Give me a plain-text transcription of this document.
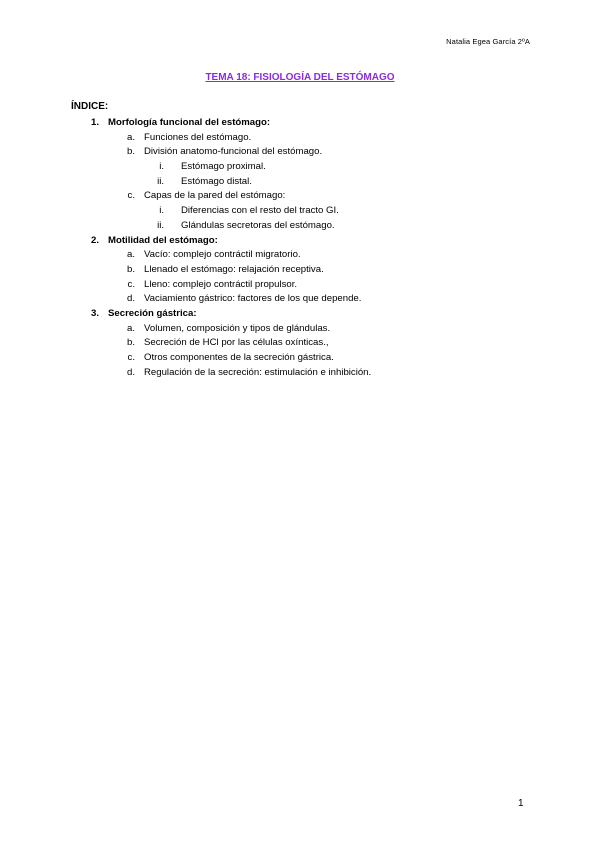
Natalia Egea García 2ºA
TEMA 18: FISIOLOGÍA DEL ESTÓMAGO
ÍNDICE:
1. Morfología funcional del estómago:
a. Funciones del estómago.
b. División anatomo-funcional del estómago.
i. Estómago proximal.
ii. Estómago distal.
c. Capas de la pared del estómago:
i. Diferencias con el resto del tracto GI.
ii. Glándulas secretoras del estómago.
2. Motilidad del estómago:
a. Vacío: complejo contráctil migratorio.
b. Llenado el estómago: relajación receptiva.
c. Lleno: complejo contráctil propulsor.
d. Vaciamiento gástrico: factores de los que depende.
3. Secreción gástrica:
a. Volumen, composición y tipos de glándulas.
b. Secreción de HCl por las células oxínticas.,
c. Otros componentes de la secreción gástrica.
d. Regulación de la secreción: estimulación e inhibición.
1
